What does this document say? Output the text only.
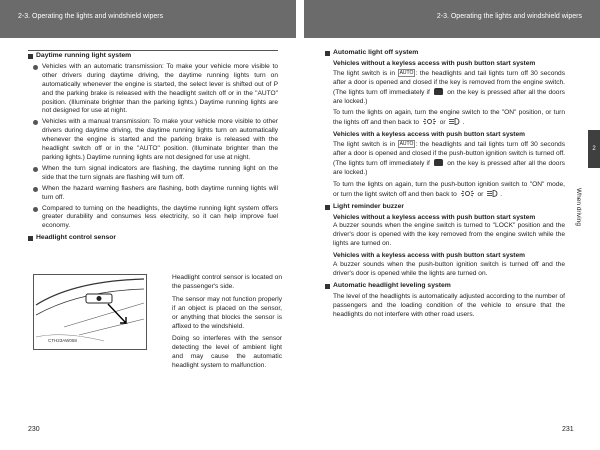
2-3. Operating the lights and windshield wipers	2-3. Operating the lights and windshield wipers
2
When driving
Daytime running light system
Vehicles with an automatic transmission: To make your vehicle more visible to other drivers during daytime driving, the daytime running lights turn on automatically whenever the engine is started, the select lever is shifted out of P and the parking brake is released with the headlight switch off or in the "AUTO" position. (Illuminate brighter than the parking lights.) Daytime running lights are not designed for use at night.
Vehicles with a manual transmission: To make your vehicle more visible to other drivers during daytime driving, the daytime running lights turn on automatically whenever the engine is started and the parking brake is released with the headlight switch off or in the "AUTO" position. (Illuminate brighter than the parking lights.) Daytime running lights are not designed for use at night.
When the turn signal indicators are flashing, the daytime running light on the side that the turn signals are flashing will turn off.
When the hazard warning flashers are flashing, both daytime running lights will turn off.
Compared to turning on the headlights, the daytime running light system offers greater durability and consumes less electricity, so it can help improve fuel economy.
Headlight control sensor
CTH23AW058

Headlight control sensor is located on the passenger's side.

The sensor may not function properly if an object is placed on the sensor, or anything that blocks the sensor is affixed to the windshield.

Doing so interferes with the sensor detecting the level of ambient light and may cause the automatic headlight system to malfunction.

230
Automatic light off system
Vehicles without a keyless access with push button start system
The light switch is in AUTO : the headlights and tail lights turn off 30 seconds after a door is opened and closed if the key is removed from the engine switch. (The lights turn off immediately if	on the key is pressed after all the doors are locked.)
To turn the lights on again, turn the engine switch to the "ON" position, or turn the lights off and then back to	or	.
Vehicles with a keyless access with push button start system
The light switch is in AUTO : the headlights and tail lights turn off 30 seconds after a door is opened and closed if the push-button ignition switch is turned off. (The lights turn off immediately if	on the key is pressed after all the doors are locked.)
To turn the lights on again, turn the push-button ignition switch to "ON" mode, or turn the light switch off and then back to	or	.
Light reminder buzzer
Vehicles without a keyless access with push button start system
A buzzer sounds when the engine switch is turned to "LOCK" position and the driver's door is opened with the key removed from the engine switch while the lights are turned on.
Vehicles with a keyless access with push button start system
A buzzer sounds when the push-button ignition switch is turned off and the driver's door is opened while the lights are turned on.
Automatic headlight leveling system
The level of the headlights is automatically adjusted according to the number of passengers and the loading condition of the vehicle to ensure that the headlights do not interfere with other road users.
231
